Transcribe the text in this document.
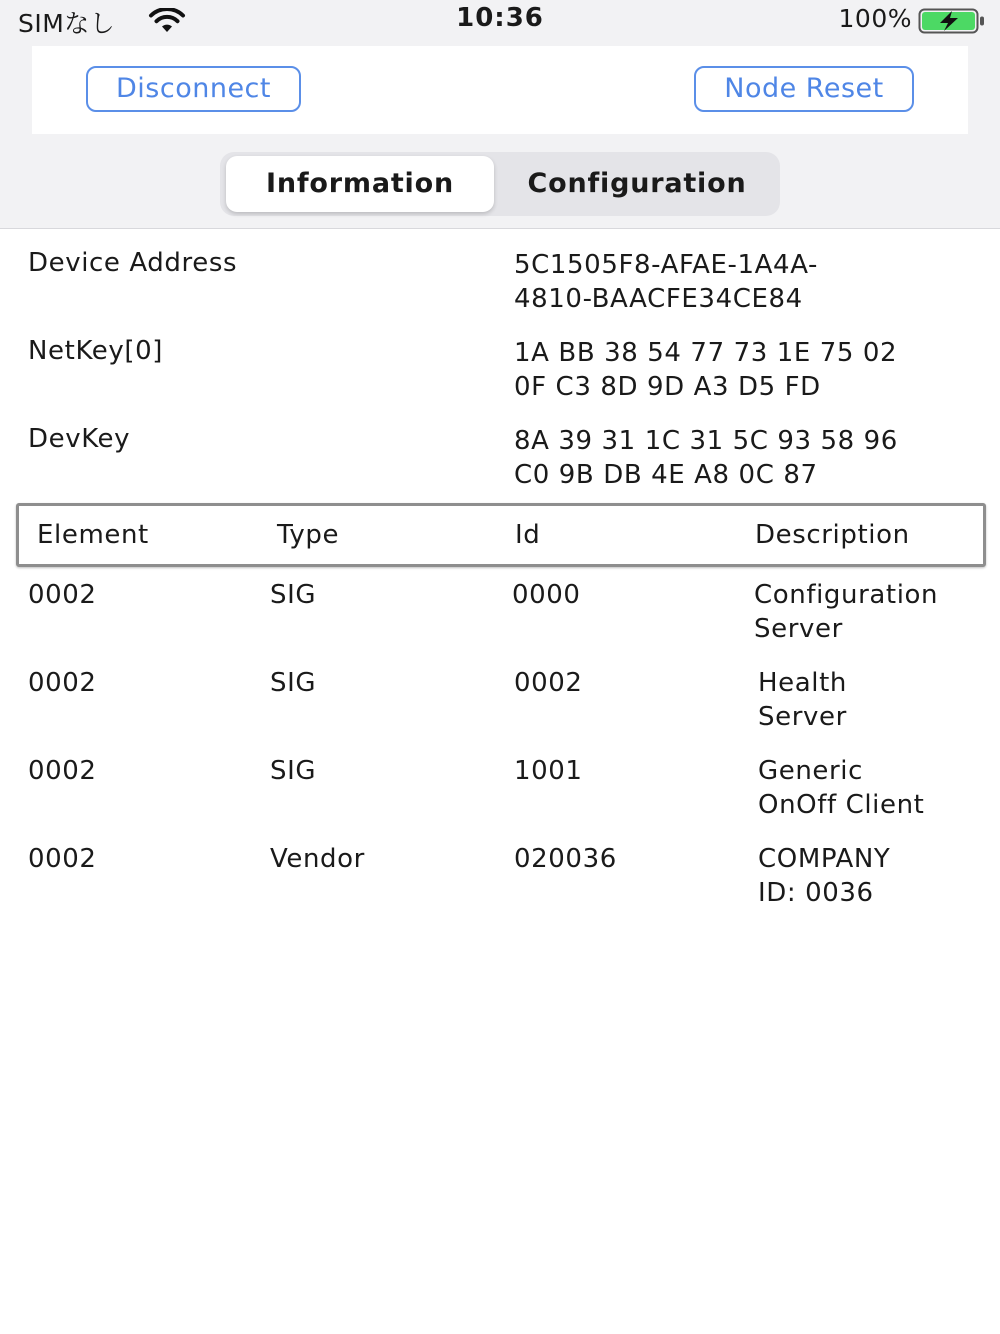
SIMなし	10:36	100%
Disconnect	Node Reset
Information	Configuration
Device Address	5C1505F8-AFAE-1A4A-
4810-BAACFE34CE84
NetKey[0]	1A BB 38 54 77 73 1E 75 02
0F C3 8D 9D A3 D5 FD
DevKey	8A 39 31 1C 31 5C 93 58 96
C0 9B DB 4E A8 0C 87
Element	Type	Id	Description
0002	SIG	0000	Configuration
Server
0002	SIG	0002	Health
Server
0002	SIG	1001	Generic
OnOff Client
0002	Vendor	020036	COMPANY
ID: 0036
